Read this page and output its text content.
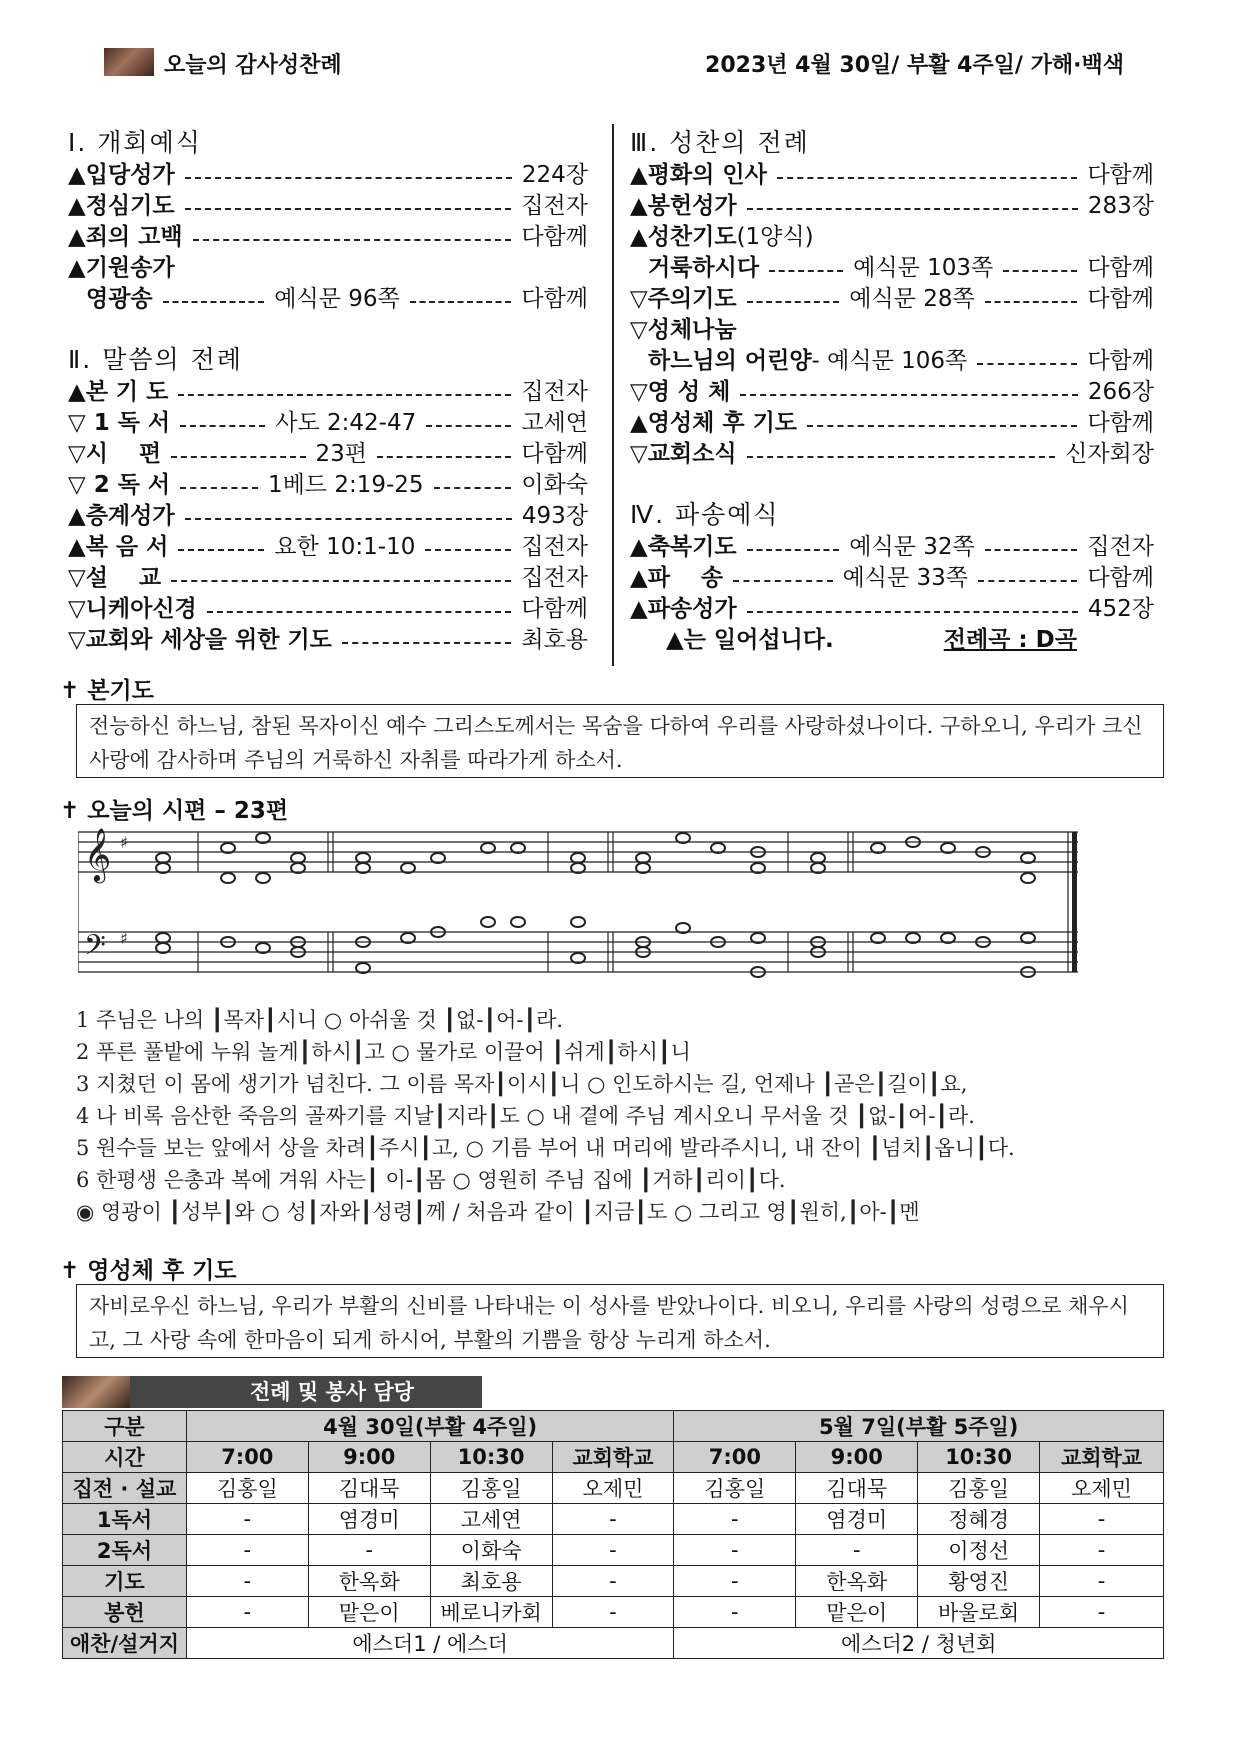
오늘의 감사성찬례	2023년 4월 30일/ 부활 4주일/ 가해·백색
Ⅰ. 개회예식
▲입당성가	224장
▲정심기도	집전자
▲죄의 고백	다함께
▲기원송가
영광송	예식문 96쪽	다함께
Ⅱ. 말씀의 전례
▲본 기 도	집전자
▽ 1 독 서	사도 2:42-47	고세연
▽시　 편	23편	다함께
▽ 2 독 서	1베드 2:19-25	이화숙
▲층계성가	493장
▲복 음 서	요한 10:1-10	집전자
▽설　 교	집전자
▽니케아신경	다함께
▽교회와 세상을 위한 기도	최호용
Ⅲ. 성찬의 전례
▲평화의 인사	다함께
▲봉헌성가	283장
▲성찬기도 (1양식)
거룩하시다	예식문 103쪽	다함께
▽주의기도	예식문 28쪽	다함께
▽성체나눔
하느님의 어린양 - 예식문 106쪽	다함께
▽영 성 체	266장
▲영성체 후 기도	다함께
▽교회소식	신자회장
Ⅳ. 파송예식
▲축복기도	예식문 32쪽	집전자
▲파　 송	예식문 33쪽	다함께
▲파송성가	452장
▲는 일어섭니다.	전례곡 : D곡
✝ 본기도
전능하신 하느님, 참된 목자이신 예수 그리스도께서는 목숨을 다하여 우리를 사랑하셨나이다. 구하오니, 우리가 크신 사랑에 감사하며 주님의 거룩하신 자취를 따라가게 하소서.
✝ 오늘의 시편 – 23편
𝄞
𝄢
♯
♯
1 주님은 나의 ┃목자┃시니 ○ 아쉬울 것 ┃없-┃어-┃라.
2 푸른 풀밭에 누워 놀게┃하시┃고 ○ 물가로 이끌어 ┃쉬게┃하시┃니
3 지쳤던 이 몸에 생기가 넘친다. 그 이름 목자┃이시┃니 ○ 인도하시는 길, 언제나 ┃곧은┃길이┃요,
4 나 비록 음산한 죽음의 골짜기를 지날┃지라┃도 ○ 내 곁에 주님 계시오니 무서울 것 ┃없-┃어-┃라.
5 원수들 보는 앞에서 상을 차려┃주시┃고, ○ 기름 부어 내 머리에 발라주시니, 내 잔이 ┃넘치┃옵니┃다.
6 한평생 은총과 복에 겨워 사는┃ 이-┃몸 ○ 영원히 주님 집에 ┃거하┃리이┃다.
◉ 영광이 ┃성부┃와 ○ 성┃자와┃성령┃께 / 처음과 같이 ┃지금┃도 ○ 그리고 영┃원히,┃아-┃멘
✝ 영성체 후 기도
자비로우신 하느님, 우리가 부활의 신비를 나타내는 이 성사를 받았나이다. 비오니, 우리를 사랑의 성령으로 채우시고, 그 사랑 속에 한마음이 되게 하시어, 부활의 기쁨을 항상 누리게 하소서.
전례 및 봉사 담당
구분	4월 30일(부활 4주일)				5월 7일(부활 5주일)			
시간	7:00	9:00	10:30	교회학교	7:00	9:00	10:30	교회학교
집전 · 설교	김홍일	김대묵	김홍일	오제민	김홍일	김대묵	김홍일	오제민
1독서	-	염경미	고세연	-	-	염경미	정혜경	-
2독서	-	-	이화숙	-	-	-	이정선	-
기도	-	한옥화	최호용	-	-	한옥화	황영진	-
봉헌	-	맡은이	베로니카회	-	-	맡은이	바울로회	-
애찬/설거지	에스더1 / 에스더				에스더2 / 청년회			
